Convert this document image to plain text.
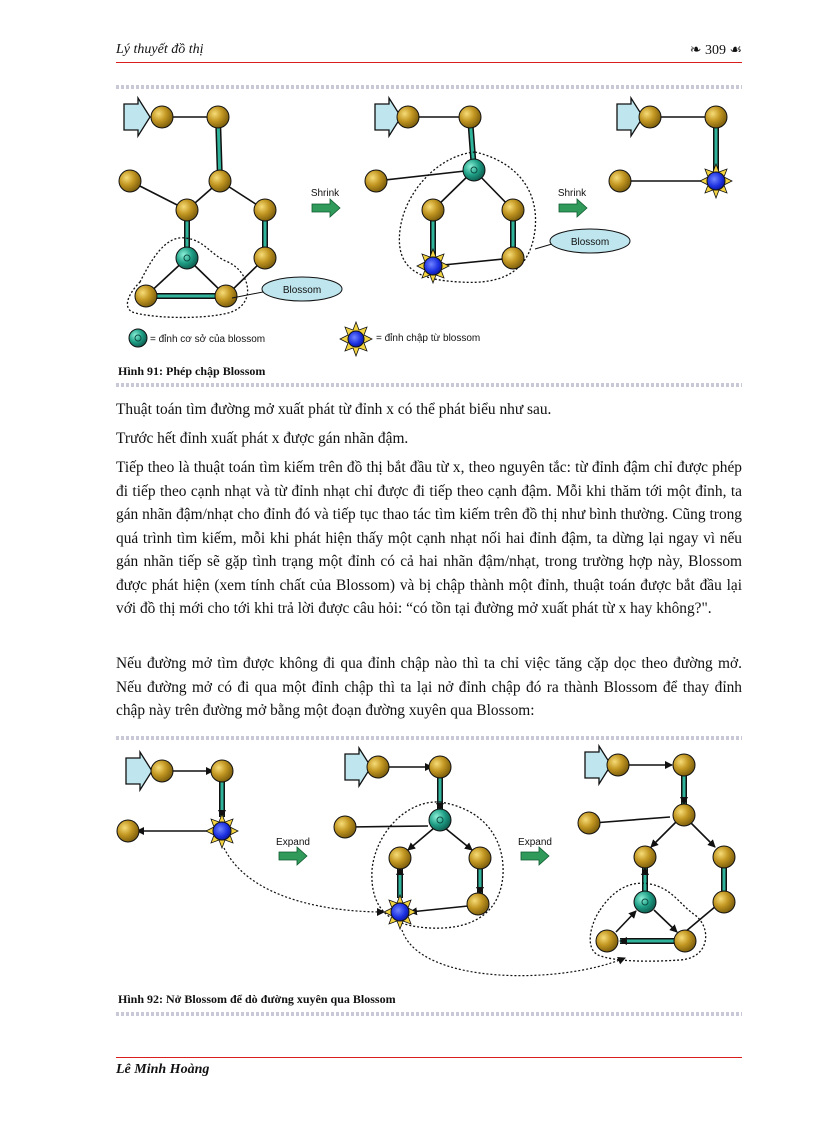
Lý thuyết đồ thị	❧ 309 ☙
Blossom
Shrink
Blossom
Shrink
= đỉnh cơ sở của blossom	= đỉnh chập từ blossom
Hình 91: Phép chập Blossom

Thuật toán tìm đường mở xuất phát từ đỉnh x có thể phát biểu như sau.

Trước hết đỉnh xuất phát x được gán nhãn đậm.

Tiếp theo là thuật toán tìm kiếm trên đồ thị bắt đầu từ x, theo nguyên tắc: từ đỉnh đậm chỉ được phép đi tiếp theo cạnh nhạt và từ đỉnh nhạt chỉ được đi tiếp theo cạnh đậm. Mỗi khi thăm tới một đỉnh, ta gán nhãn đậm/nhạt cho đỉnh đó và tiếp tục thao tác tìm kiếm trên đồ thị như bình thường. Cũng trong quá trình tìm kiếm, mỗi khi phát hiện thấy một cạnh nhạt nối hai đỉnh đậm, ta dừng lại ngay vì nếu gán nhãn tiếp sẽ gặp tình trạng một đỉnh có cả hai nhãn đậm/nhạt, trong trường hợp này, Blossom được phát hiện (xem tính chất của Blossom) và bị chập thành một đỉnh, thuật toán được bắt đầu lại với đồ thị mới cho tới khi trả lời được câu hỏi: “có tồn tại đường mở xuất phát từ x hay không?".

Nếu đường mở tìm được không đi qua đỉnh chập nào thì ta chỉ việc tăng cặp dọc theo đường mở. Nếu đường mở có đi qua một đỉnh chập thì ta lại nở đỉnh chập đó ra thành Blossom để thay đỉnh chập này trên đường mở bằng một đoạn đường xuyên qua Blossom:

Expand	Expand
Hình 92: Nở Blossom để dò đường xuyên qua Blossom
Lê Minh Hoàng
